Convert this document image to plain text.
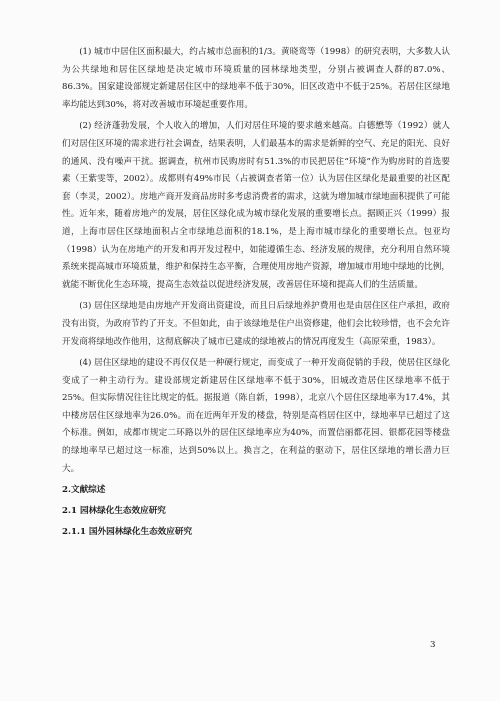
(1) 城市中居住区面积最大，约占城市总面积的1/3。黄晓鸾等（1998）的研究表明，大多数人认为公共绿地和居住区绿地是决定城市环境质量的园林绿地类型，分别占被调查人群的87.0%、86.3%。国家建设部规定新建居住区中的绿地率不低于30%，旧区改造中不低于25%。若居住区绿地率均能达到30%，将对改善城市环境起重要作用。

(2) 经济蓬勃发展，个人收入的增加，人们对居住环境的要求越来越高。白德懋等（1992）就人们对居住区环境的需求进行社会调查，结果表明，人们最基本的需求是新鲜的空气、充足的阳光、良好的通风、没有噪声干扰。据调查，杭州市民购房时有51.3%的市民把居住“环境”作为购房时的首选要素（王紫雯等，2002）。成都则有49%市民（占被调查者第一位）认为居住区绿化是最重要的社区配套（李灵，2002）。房地产商开发商品房时多考虑消费者的需求，这就为增加城市绿地面积提供了可能性。近年来，随着房地产的发展，居住区绿化成为城市绿化发展的重要增长点。据顾正兴（1999）报道，上海市居住区绿地面积占全市绿地总面积的18.1%，是上海市城市绿化的重要增长点。包亚均（1998）认为在房地产的开发和再开发过程中，如能遵循生态、经济发展的规律，充分利用自然环境系统来提高城市环境质量，维护和保持生态平衡，合理使用房地产资源，增加城市用地中绿地的比例，就能不断优化生态环境，提高生态效益以促进经济发展，改善居住环境和提高人们的生活质量。

(3) 居住区绿地是由房地产开发商出资建设，而且日后绿地养护费用也是由居住区住户承担，政府没有出资，为政府节约了开支。不但如此，由于该绿地是住户出资修建，他们会比较珍惜，也不会允许开发商将绿地改作他用，这彻底解决了城市已建成的绿地被占的情况再度发生（高原荣重，1983）。

(4) 居住区绿地的建设不再仅仅是一种硬行规定，而变成了一种开发商促销的手段，使居住区绿化变成了一种主动行为。建设部规定新建居住区绿地率不低于30%，旧城改造居住区绿地率不低于25%。但实际情况往往比规定的低。据报道（陈自新，1998），北京八个居住区绿地率为17.4%，其中楼房居住区绿地率为26.0%。而在近两年开发的楼盘，特别是高档居住区中，绿地率早已超过了这个标准。例如，成都市规定二环路以外的居住区绿地率应为40%，而置信丽都花园、银都花园等楼盘的绿地率早已超过这一标准，达到50%以上。换言之，在利益的驱动下，居住区绿地的增长潜力巨大。

2.文献综述

2.1 园林绿化生态效应研究

2.1.1 国外园林绿化生态效应研究

3
